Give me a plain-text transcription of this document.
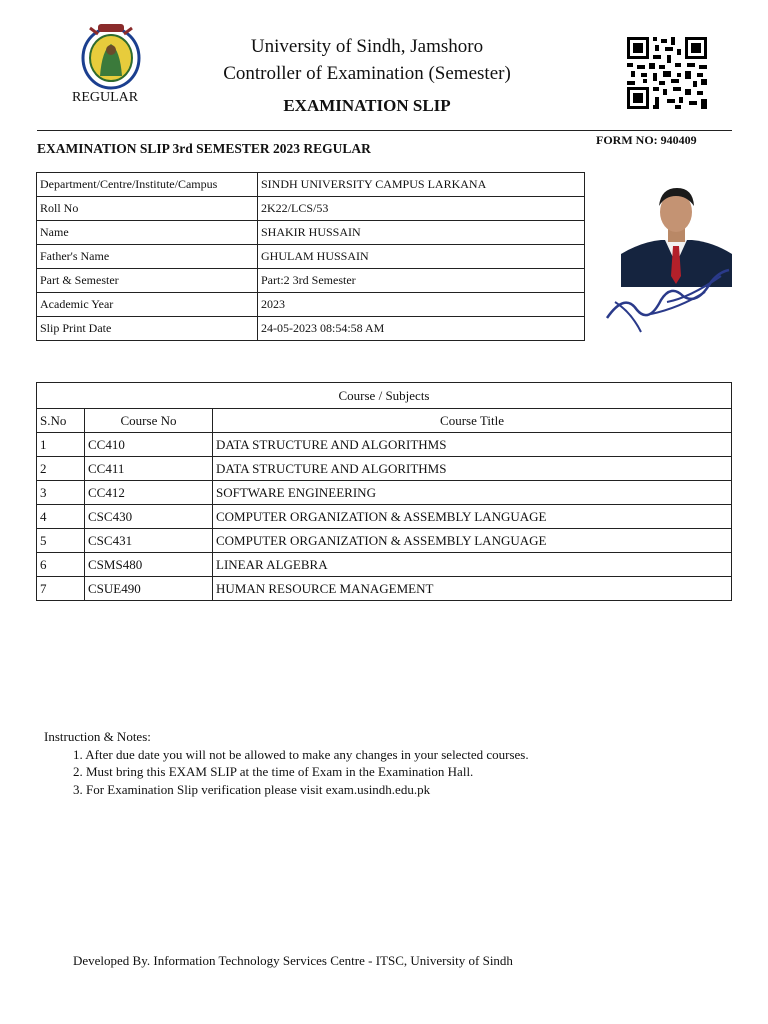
REGULAR
University of Sindh, Jamshoro
Controller of Examination (Semester)
EXAMINATION SLIP
FORM NO: 940409
EXAMINATION SLIP 3rd SEMESTER 2023 REGULAR
Department/Centre/Institute/Campus	SINDH UNIVERSITY CAMPUS LARKANA
Roll No	2K22/LCS/53
Name	SHAKIR HUSSAIN
Father's Name	GHULAM HUSSAIN
Part & Semester	Part:2 3rd Semester
Academic Year	2023
Slip Print Date	24-05-2023 08:54:58 AM
Course / Subjects		
S.No	Course No	Course Title
1	CC410	DATA STRUCTURE AND ALGORITHMS
2	CC411	DATA STRUCTURE AND ALGORITHMS
3	CC412	SOFTWARE ENGINEERING
4	CSC430	COMPUTER ORGANIZATION & ASSEMBLY LANGUAGE
5	CSC431	COMPUTER ORGANIZATION & ASSEMBLY LANGUAGE
6	CSMS480	LINEAR ALGEBRA
7	CSUE490	HUMAN RESOURCE MANAGEMENT
Instruction & Notes:
1. After due date you will not be allowed to make any changes in your selected courses.
2. Must bring this EXAM SLIP at the time of Exam in the Examination Hall.
3. For Examination Slip verification please visit exam.usindh.edu.pk
Developed By. Information Technology Services Centre - ITSC, University of Sindh
